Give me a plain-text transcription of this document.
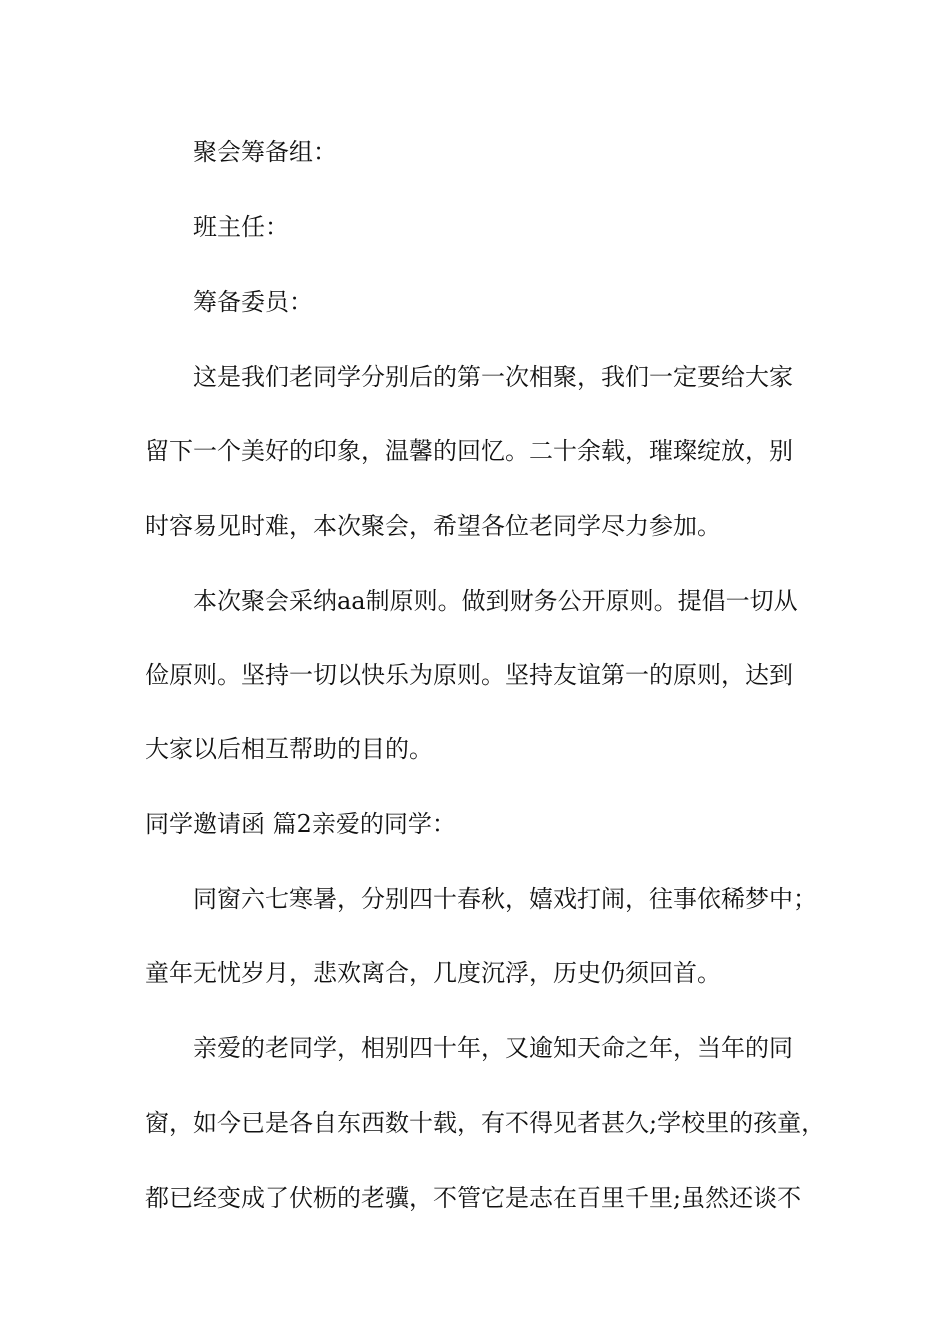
聚会筹备组：
班主任：
筹备委员：
这是我们老同学分别后的第一次相聚，我们一定要给大家
留下一个美好的印象，温馨的回忆。二十余载，璀璨绽放，别
时容易见时难，本次聚会，希望各位老同学尽力参加。
本次聚会采纳aa制原则。做到财务公开原则。提倡一切从
俭原则。坚持一切以快乐为原则。坚持友谊第一的原则，达到
大家以后相互帮助的目的。
同学邀请函 篇2亲爱的同学：
同窗六七寒暑，分别四十春秋，嬉戏打闹，往事依稀梦中；
童年无忧岁月，悲欢离合，几度沉浮，历史仍须回首。
亲爱的老同学，相别四十年，又逾知天命之年，当年的同
窗，如今已是各自东西数十载，有不得见者甚久;学校里的孩童，
都已经变成了伏枥的老骥，不管它是志在百里千里;虽然还谈不
